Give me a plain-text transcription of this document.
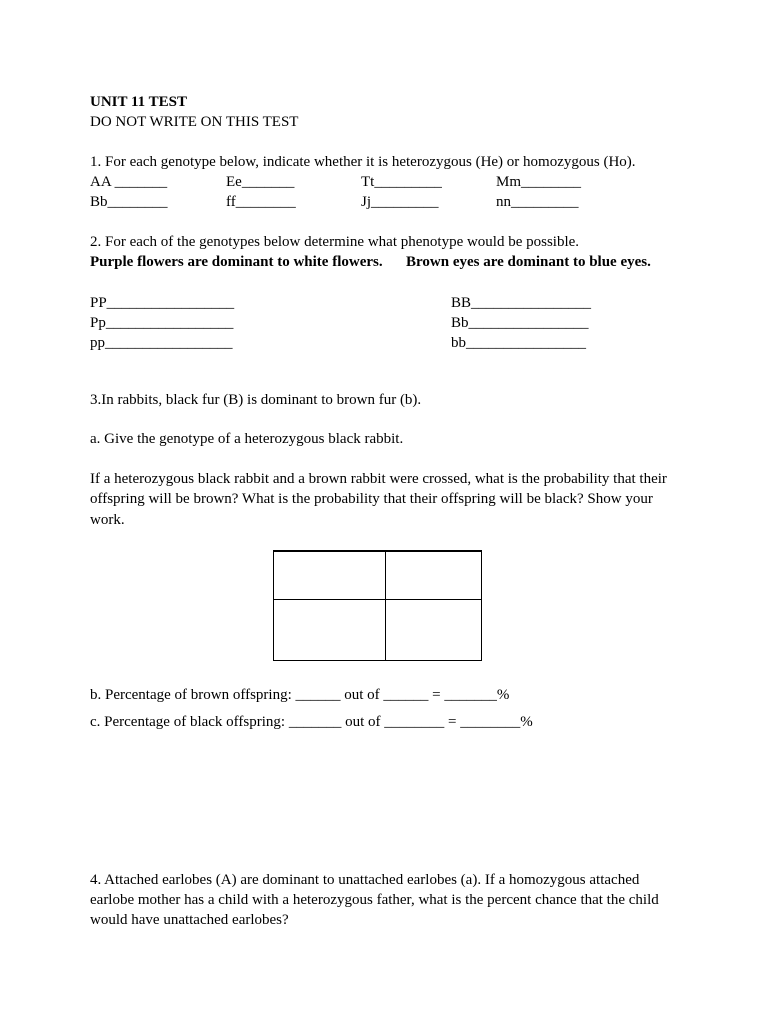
UNIT 11 TEST
DO NOT WRITE ON THIS TEST
1. For each genotype below, indicate whether it is heterozygous (He) or homozygous (Ho).
AA _______	Ee_______	Tt_________	Mm________
Bb________	ff________	Jj_________	nn_________
2. For each of the genotypes below determine what phenotype would be possible.
Purple flowers are dominant to white flowers. Brown eyes are dominant to blue eyes.
PP_________________	BB________________
Pp_________________	Bb________________
pp_________________	bb________________
3.In rabbits, black fur (B) is dominant to brown fur (b).
a. Give the genotype of a heterozygous black rabbit.
If a heterozygous black rabbit and a brown rabbit were crossed, what is the probability that their
offspring will be brown? What is the probability that their offspring will be black? Show your
work.
b. Percentage of brown offspring: ______ out of ______ = _______%
c. Percentage of black offspring: _______ out of ________ = ________%
4. Attached earlobes (A) are dominant to unattached earlobes (a). If a homozygous attached
earlobe mother has a child with a heterozygous father, what is the percent chance that the child
would have unattached earlobes?
